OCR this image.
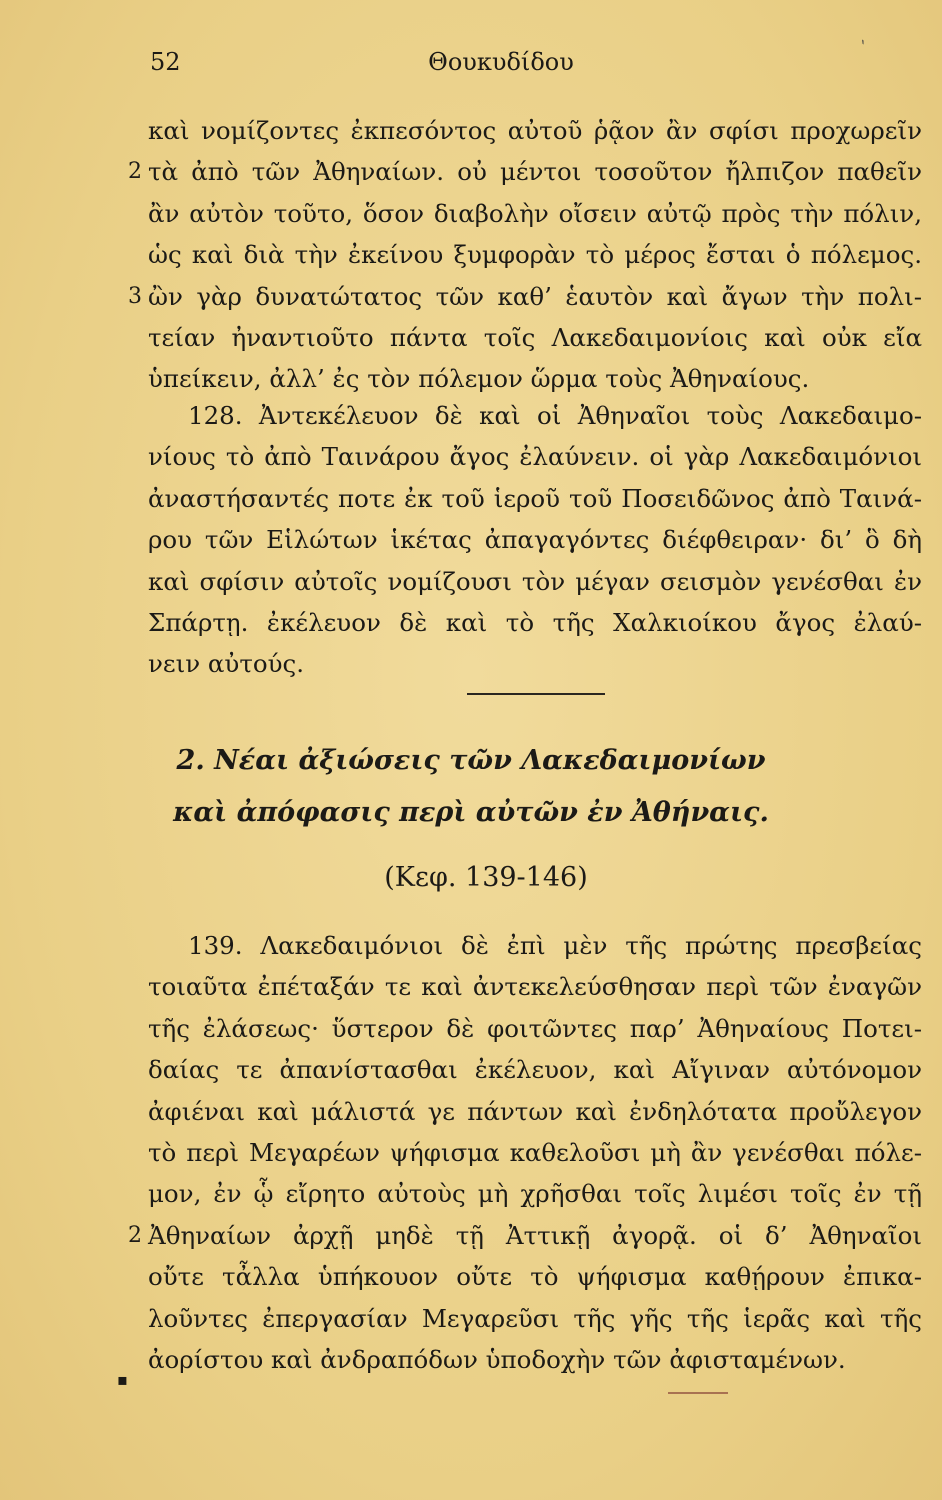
ˋ
52	Θουκυδίδου
καὶ νομίζοντες ἐκπεσόντος αὐτοῦ ῥᾷον ἂν σφίσι προχωρεῖν
2 τὰ ἀπὸ τῶν Ἀθηναίων. οὐ μέντοι τοσοῦτον ἤλπιζον παθεῖν
ἂν αὐτὸν τοῦτο, ὅσον διαβολὴν οἴσειν αὐτῷ πρὸς τὴν πόλιν,
ὡς καὶ διὰ τὴν ἐκείνου ξυμφορὰν τὸ μέρος ἔσται ὁ πόλεμος.
3 ὢν γὰρ δυνατώτατος τῶν καθ’ ἑαυτὸν καὶ ἄγων τὴν πολι-
τείαν ἠναντιοῦτο πάντα τοῖς Λακεδαιμονίοις καὶ οὐκ εἴα
ὑπείκειν, ἀλλ’ ἐς τὸν πόλεμον ὥρμα τοὺς Ἀθηναίους.
128. Ἀντεκέλευον δὲ καὶ οἱ Ἀθηναῖοι τοὺς Λακεδαιμο-
νίους τὸ ἀπὸ Ταινάρου ἄγος ἐλαύνειν. οἱ γὰρ Λακεδαιμόνιοι
ἀναστήσαντές ποτε ἐκ τοῦ ἱεροῦ τοῦ Ποσειδῶνος ἀπὸ Ταινά-
ρου τῶν Εἱλώτων ἱκέτας ἀπαγαγόντες διέφθειραν· δι’ ὃ δὴ
καὶ σφίσιν αὐτοῖς νομίζουσι τὸν μέγαν σεισμὸν γενέσθαι ἐν
Σπάρτῃ. ἐκέλευον δὲ καὶ τὸ τῆς Χαλκιοίκου ἄγος ἐλαύ-
νειν αὐτούς.
2. Νέαι ἀξιώσεις τῶν Λακεδαιμονίων
καὶ ἀπόφασις περὶ αὐτῶν ἐν Ἀθήναις.
(Κεφ. 139-146)
139. Λακεδαιμόνιοι δὲ ἐπὶ μὲν τῆς πρώτης πρεσβείας
τοιαῦτα ἐπέταξάν τε καὶ ἀντεκελεύσθησαν περὶ τῶν ἐναγῶν
τῆς ἐλάσεως· ὕστερον δὲ φοιτῶντες παρ’ Ἀθηναίους Ποτει-
δαίας τε ἀπανίστασθαι ἐκέλευον, καὶ Αἴγιναν αὐτόνομον
ἀφιέναι καὶ μάλιστά γε πάντων καὶ ἐνδηλότατα προὔλεγον
τὸ περὶ Μεγαρέων ψήφισμα καθελοῦσι μὴ ἂν γενέσθαι πόλε-
μον, ἐν ᾧ εἴρητο αὐτοὺς μὴ χρῆσθαι τοῖς λιμέσι τοῖς ἐν τῇ
2 Ἀθηναίων ἀρχῇ μηδὲ τῇ Ἀττικῇ ἀγορᾷ. οἱ δ’ Ἀθηναῖοι
οὔτε τἆλλα ὑπήκουον οὔτε τὸ ψήφισμα καθῄρουν ἐπικα-
λοῦντες ἐπεργασίαν Μεγαρεῦσι τῆς γῆς τῆς ἱερᾶς καὶ τῆς
ἀορίστου καὶ ἀνδραπόδων ὑποδοχὴν τῶν ἀφισταμένων.
▪
